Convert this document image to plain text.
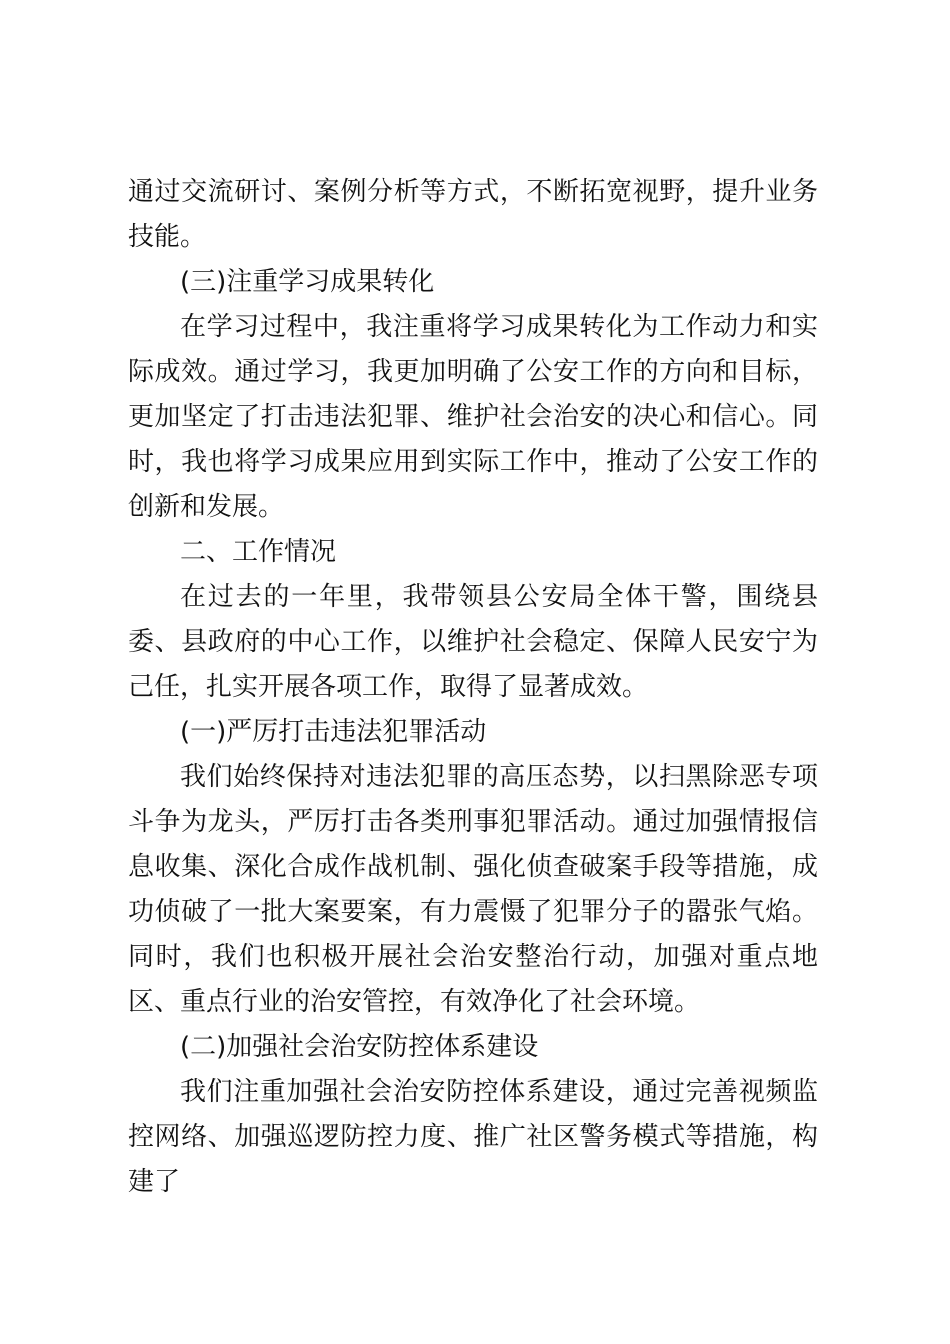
通过交流研讨、案例分析等方式，不断拓宽视野，提升业务技能。

(三)注重学习成果转化

在学习过程中，我注重将学习成果转化为工作动力和实际成效。通过学习，我更加明确了公安工作的方向和目标，更加坚定了打击违法犯罪、维护社会治安的决心和信心。同时，我也将学习成果应用到实际工作中，推动了公安工作的创新和发展。

二、工作情况

在过去的一年里，我带领县公安局全体干警，围绕县委、县政府的中心工作，以维护社会稳定、保障人民安宁为己任，扎实开展各项工作，取得了显著成效。

(一)严厉打击违法犯罪活动

我们始终保持对违法犯罪的高压态势，以扫黑除恶专项斗争为龙头，严厉打击各类刑事犯罪活动。通过加强情报信息收集、深化合成作战机制、强化侦查破案手段等措施，成功侦破了一批大案要案，有力震慑了犯罪分子的嚣张气焰。同时，我们也积极开展社会治安整治行动，加强对重点地区、重点行业的治安管控，有效净化了社会环境。

(二)加强社会治安防控体系建设

我们注重加强社会治安防控体系建设，通过完善视频监控网络、加强巡逻防控力度、推广社区警务模式等措施，构建了
